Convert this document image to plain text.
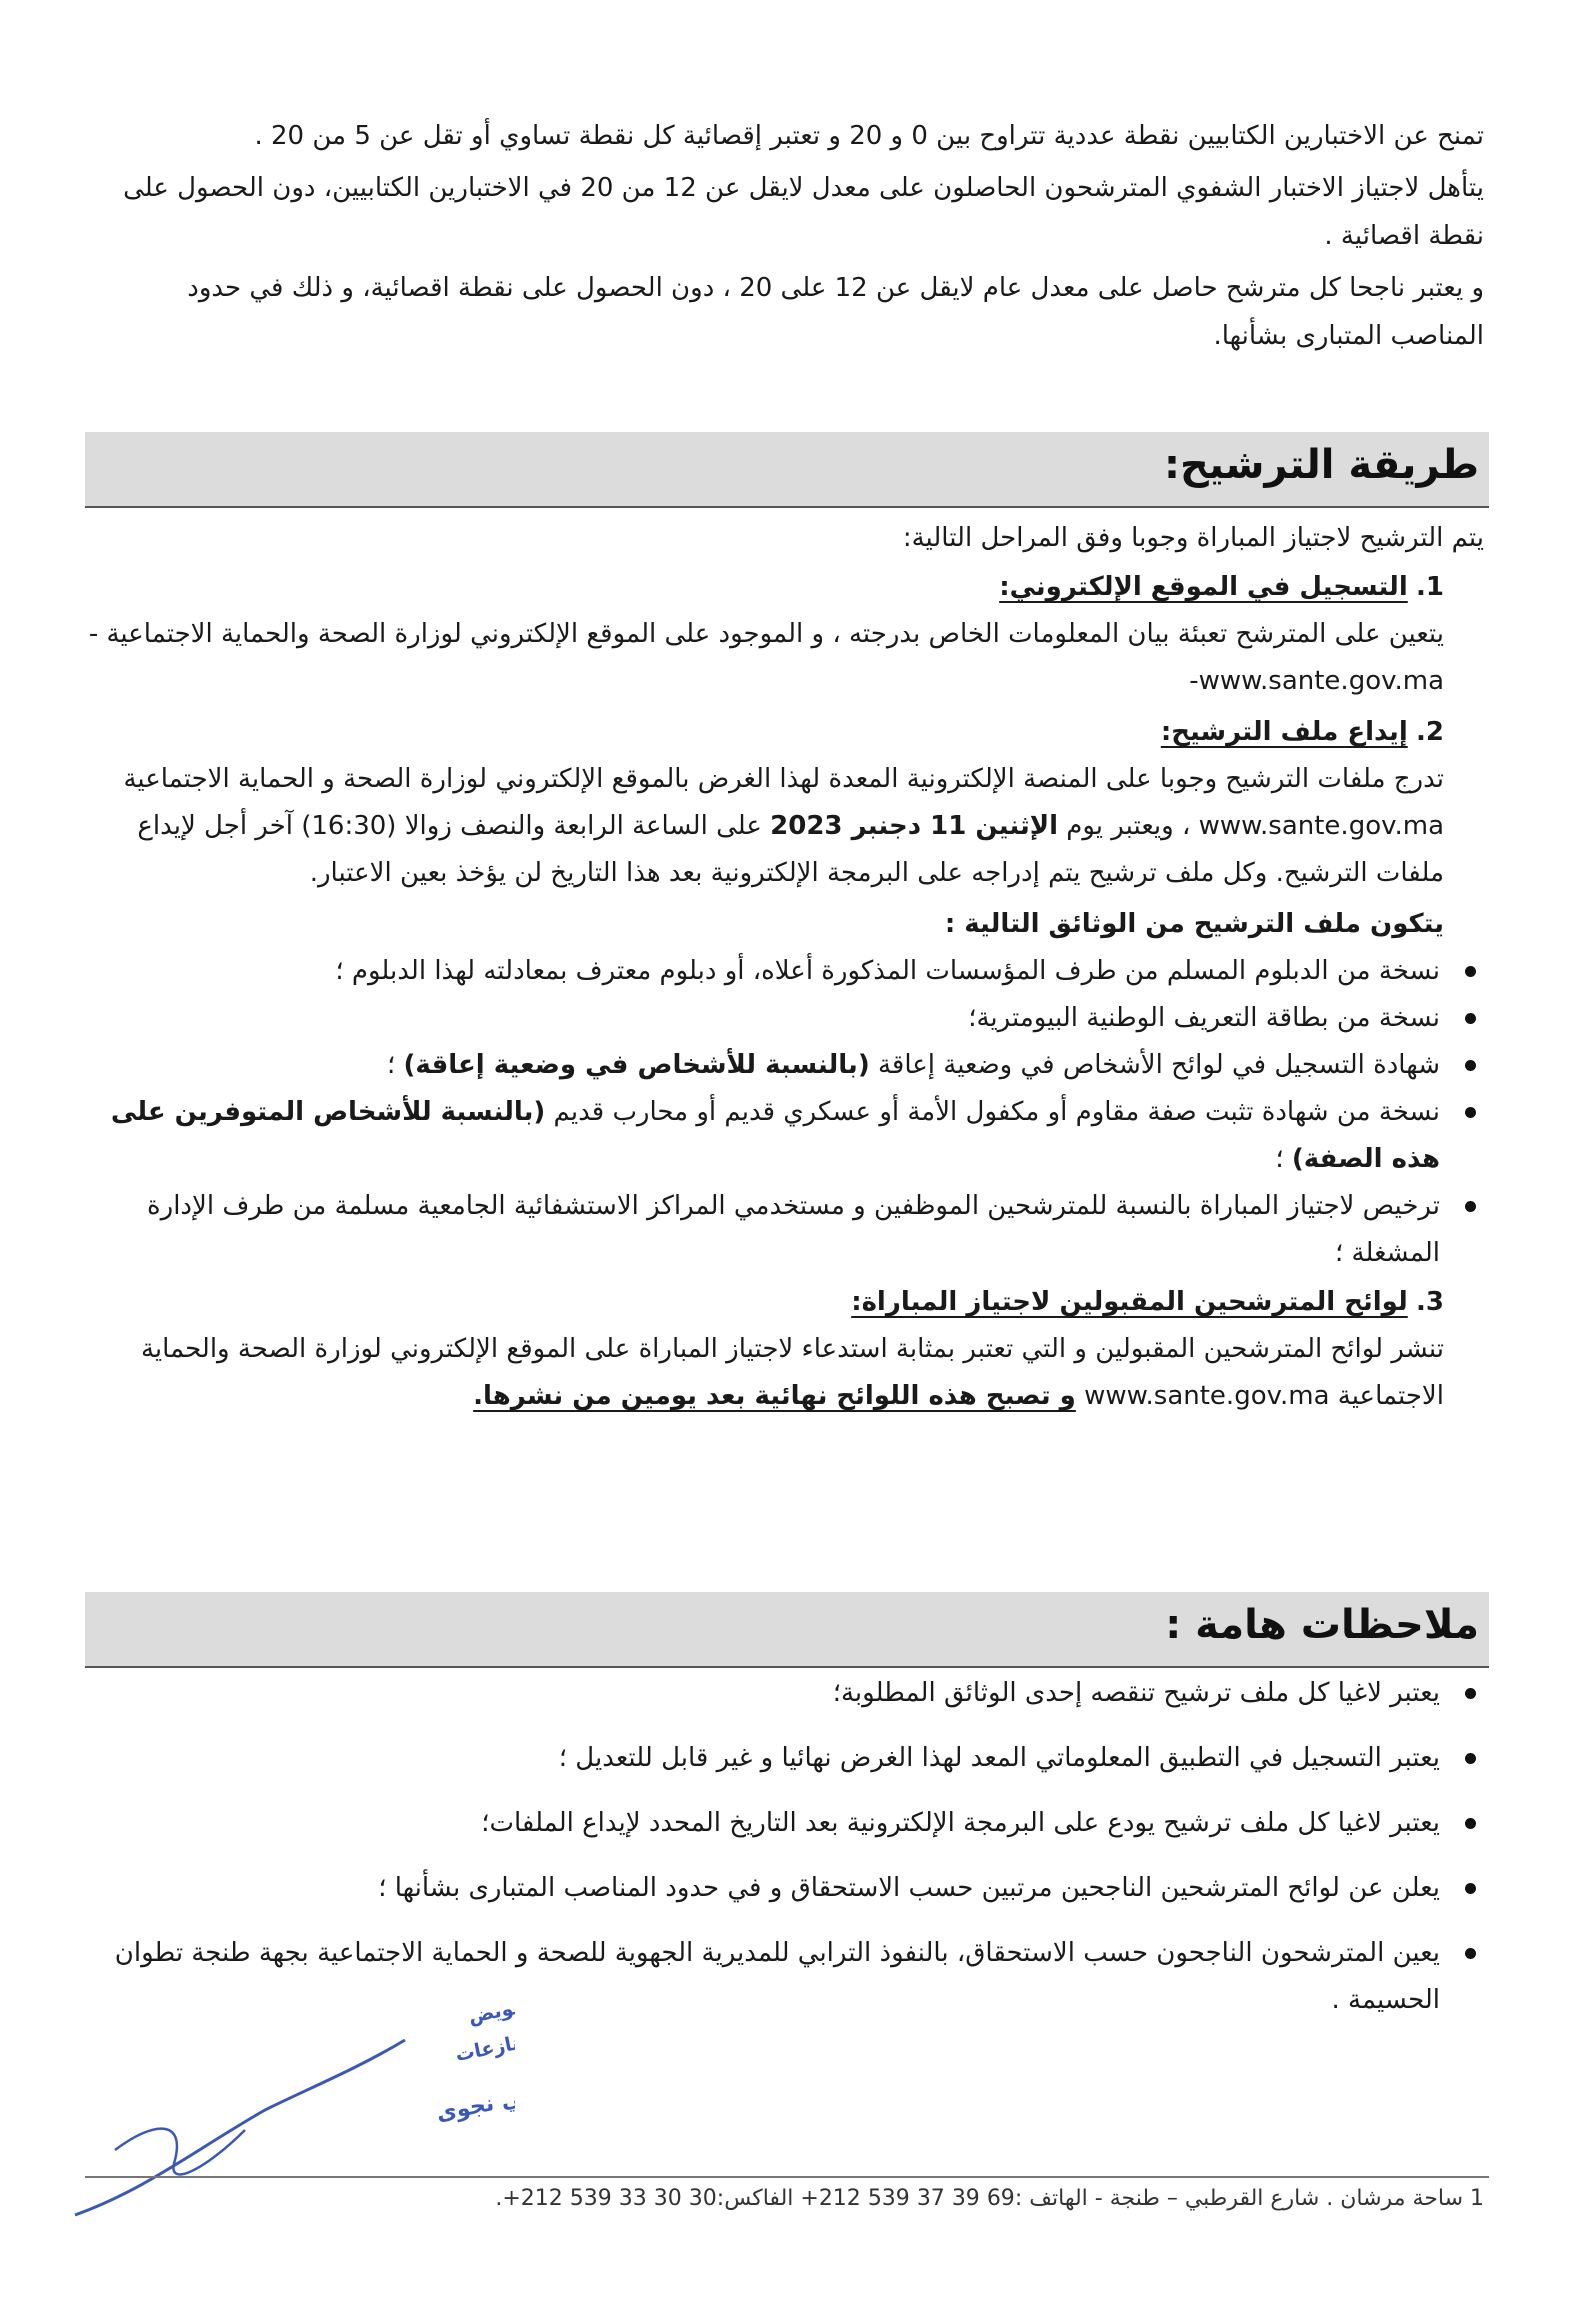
تمنح عن الاختبارين الكتابيين نقطة عددية تتراوح بين 0 و 20 و تعتبر إقصائية كل نقطة تساوي أو تقل عن 5 من 20 .

يتأهل لاجتياز الاختبار الشفوي المترشحون الحاصلون على معدل لايقل عن 12 من 20 في الاختبارين الكتابيين، دون الحصول على نقطة اقصائية .

و يعتبر ناجحا كل مترشح حاصل على معدل عام لايقل عن 12 على 20 ، دون الحصول على نقطة اقصائية، و ذلك في حدود المناصب المتبارى بشأنها.

طريقة الترشيح:

يتم الترشيح لاجتياز المباراة وجوبا وفق المراحل التالية:

1. التسجيل في الموقع الإلكتروني:

يتعين على المترشح تعبئة بيان المعلومات الخاص بدرجته ، و الموجود على الموقع الإلكتروني لوزارة الصحة والحماية الاجتماعية -www.sante.gov.ma-

2. إيداع ملف الترشيح:

تدرج ملفات الترشيح وجوبا على المنصة الإلكترونية المعدة لهذا الغرض بالموقع الإلكتروني لوزارة الصحة و الحماية الاجتماعية www.sante.gov.ma ، ويعتبر يوم الإثنين 11 دجنبر 2023 على الساعة الرابعة والنصف زوالا (16:30) آخر أجل لإيداع ملفات الترشيح. وكل ملف ترشيح يتم إدراجه على البرمجة الإلكترونية بعد هذا التاريخ لن يؤخذ بعين الاعتبار.

يتكون ملف الترشيح من الوثائق التالية :

نسخة من الدبلوم المسلم من طرف المؤسسات المذكورة أعلاه، أو دبلوم معترف بمعادلته لهذا الدبلوم ؛
نسخة من بطاقة التعريف الوطنية البيومترية؛
شهادة التسجيل في لوائح الأشخاص في وضعية إعاقة (بالنسبة للأشخاص في وضعية إعاقة) ؛
نسخة من شهادة تثبت صفة مقاوم أو مكفول الأمة أو عسكري قديم أو محارب قديم (بالنسبة للأشخاص المتوفرين على هذه الصفة) ؛
ترخيص لاجتياز المباراة بالنسبة للمترشحين الموظفين و مستخدمي المراكز الاستشفائية الجامعية مسلمة من طرف الإدارة المشغلة ؛

3. لوائح المترشحين المقبولين لاجتياز المباراة:

تنشر لوائح المترشحين المقبولين و التي تعتبر بمثابة استدعاء لاجتياز المباراة على الموقع الإلكتروني لوزارة الصحة والحماية الاجتماعية www.sante.gov.ma و تصبح هذه اللوائح نهائية بعد يومين من نشرها.

ملاحظات هامة :
يعتبر لاغيا كل ملف ترشيح تنقصه إحدى الوثائق المطلوبة؛
يعتبر التسجيل في التطبيق المعلوماتي المعد لهذا الغرض نهائيا و غير قابل للتعديل ؛
يعتبر لاغيا كل ملف ترشيح يودع على البرمجة الإلكترونية بعد التاريخ المحدد لإيداع الملفات؛
يعلن عن لوائح المترشحين الناجحين مرتبين حسب الاستحقاق و في حدود المناصب المتبارى بشأنها ؛
يعين المترشحون الناجحون حسب الاستحقاق، بالنفوذ الترابي للمديرية الجهوية للصحة و الحماية الاجتماعية بجهة طنجة تطوان الحسيمة .
والمنازعات
الولهاني نجوى
1 ساحة مرشان . شارع القرطبي – طنجة - الهاتف :69 39 37 539 212+ الفاكس:30 30 33 539 212+.
